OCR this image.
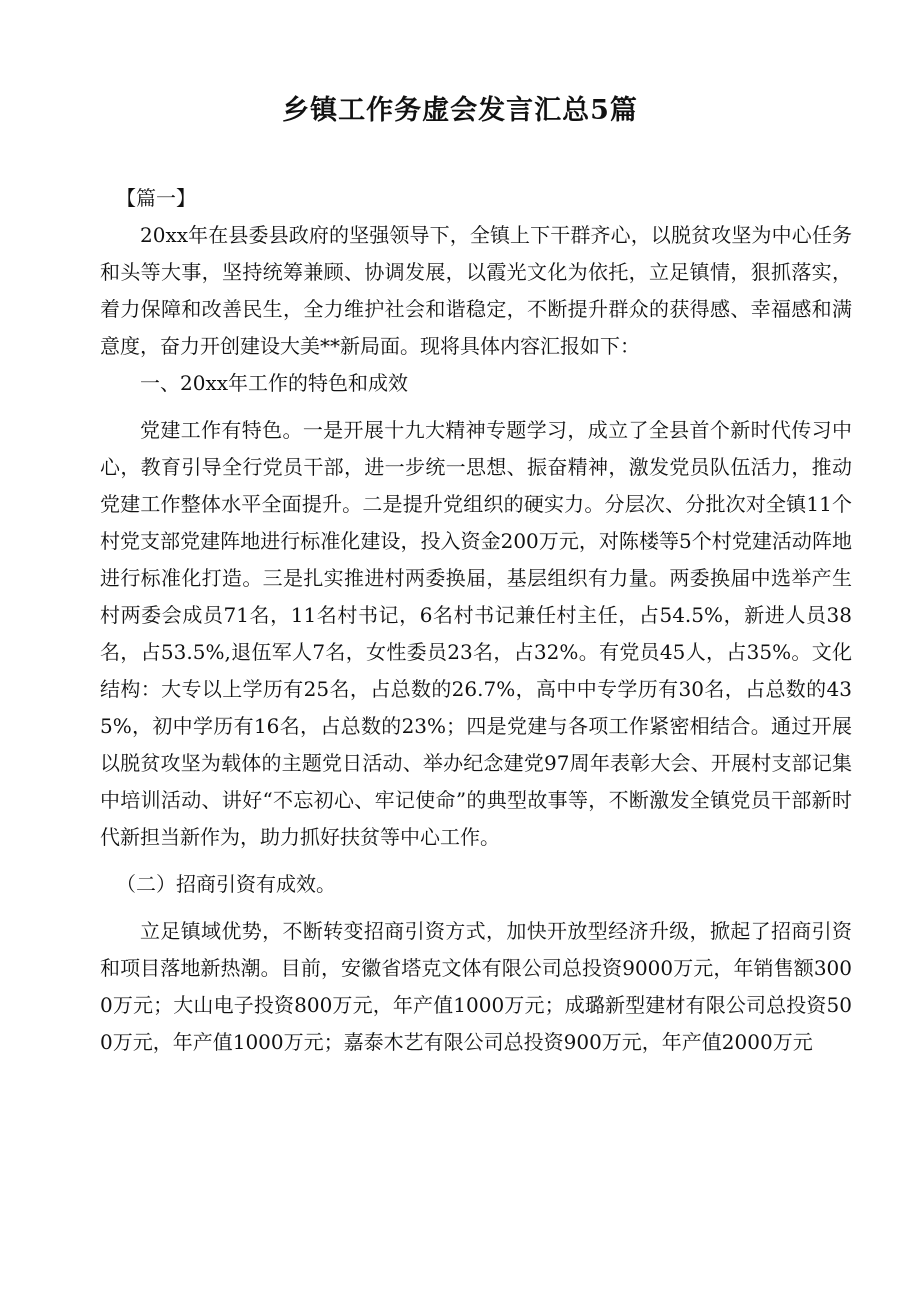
乡镇工作务虚会发言汇总5篇

【篇一】

20xx年在县委县政府的坚强领导下，全镇上下干群齐心，以脱贫攻坚为中心任务和头等大事，坚持统筹兼顾、协调发展，以霞光文化为依托，立足镇情，狠抓落实，着力保障和改善民生，全力维护社会和谐稳定，不断提升群众的获得感、幸福感和满意度，奋力开创建设大美**新局面。现将具体内容汇报如下：

一、20xx年工作的特色和成效

党建工作有特色。一是开展十九大精神专题学习，成立了全县首个新时代传习中心，教育引导全行党员干部，进一步统一思想、振奋精神，激发党员队伍活力，推动党建工作整体水平全面提升。二是提升党组织的硬实力。分层次、分批次对全镇11个村党支部党建阵地进行标准化建设，投入资金200万元，对陈楼等5个村党建活动阵地进行标准化打造。三是扎实推进村两委换届，基层组织有力量。两委换届中选举产生村两委会成员71名，11名村书记，6名村书记兼任村主任，占54.5%，新进人员38名，占53.5%,退伍军人7名，女性委员23名，占32%。有党员45人，占35%。文化结构：大专以上学历有25名，占总数的26.7%，高中中专学历有30名，占总数的435%，初中学历有16名，占总数的23%；四是党建与各项工作紧密相结合。通过开展以脱贫攻坚为载体的主题党日活动、举办纪念建党97周年表彰大会、开展村支部记集中培训活动、讲好“不忘初心、牢记使命”的典型故事等，不断激发全镇党员干部新时代新担当新作为，助力抓好扶贫等中心工作。

（二）招商引资有成效。

立足镇域优势，不断转变招商引资方式，加快开放型经济升级，掀起了招商引资和项目落地新热潮。目前，安徽省塔克文体有限公司总投资9000万元，年销售额3000万元；大山电子投资800万元，年产值1000万元；成璐新型建材有限公司总投资500万元，年产值1000万元；嘉泰木艺有限公司总投资900万元，年产值2000万元
